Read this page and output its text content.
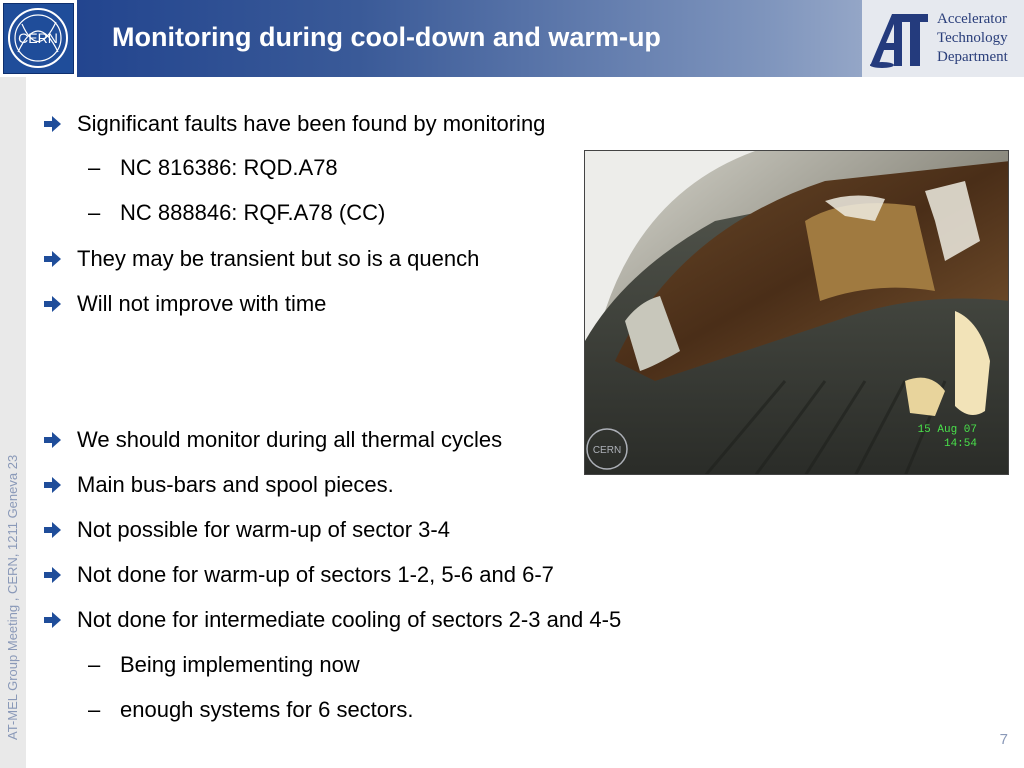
CERN Monitoring during cool-down and warm-up
Accelerator
Technology
Department
AT-MEL Group Meeting , CERN, 1211 Geneva 23
Significant faults have been found by monitoring
– NC 816386: RQD.A78
– NC 888846: RQF.A78 (CC)
They may be transient but so is a quench
Will not improve with time
We should monitor during all thermal cycles
Main bus-bars and spool pieces.
Not possible for warm-up of sector 3-4
Not done for warm-up of sectors 1-2, 5-6 and 6-7
Not done for intermediate cooling of sectors 2-3 and 4-5
– Being implementing now
– enough systems for 6 sectors.
15 Aug 07
14:54
CERN
7
